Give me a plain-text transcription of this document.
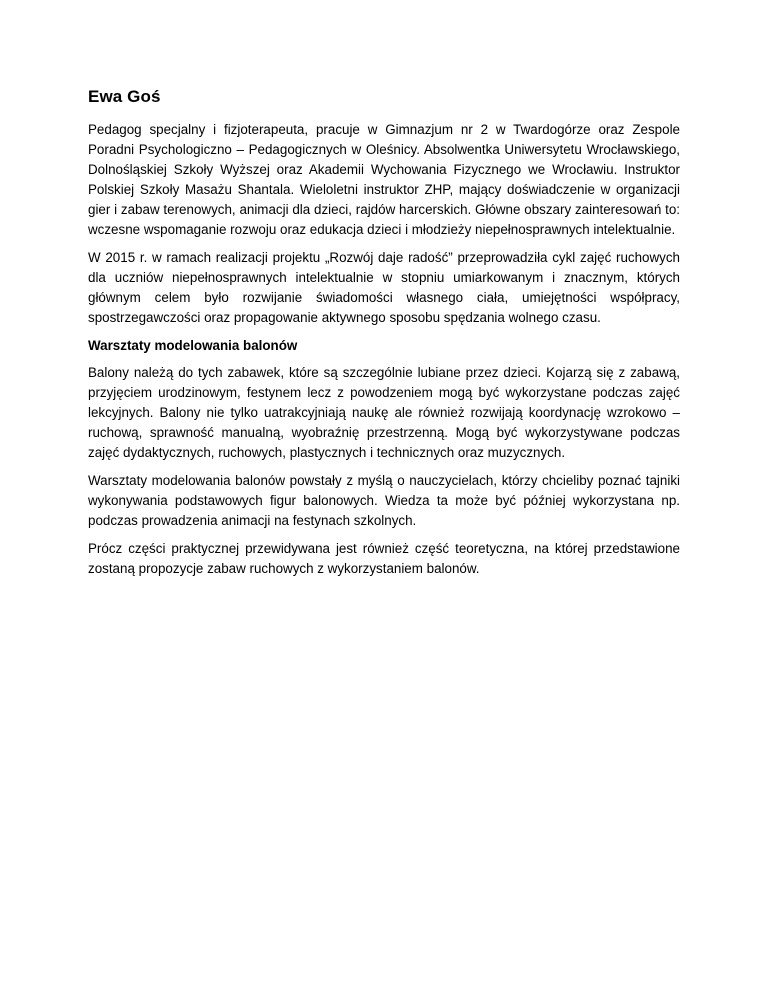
Ewa Goś

Pedagog specjalny i fizjoterapeuta, pracuje w Gimnazjum nr 2 w Twardogórze oraz Zespole Poradni Psychologiczno – Pedagogicznych w Oleśnicy. Absolwentka Uniwersytetu Wrocławskiego, Dolnośląskiej Szkoły Wyższej oraz Akademii Wychowania Fizycznego we Wrocławiu. Instruktor Polskiej Szkoły Masażu Shantala. Wieloletni instruktor ZHP, mający doświadczenie w organizacji gier i zabaw terenowych, animacji dla dzieci, rajdów harcerskich. Główne obszary zainteresowań to: wczesne wspomaganie rozwoju oraz edukacja dzieci i młodzieży niepełnosprawnych intelektualnie.

W 2015 r. w ramach realizacji projektu „Rozwój daje radość” przeprowadziła cykl zajęć ruchowych dla uczniów niepełnosprawnych intelektualnie w stopniu umiarkowanym i znacznym, których głównym celem było rozwijanie świadomości własnego ciała, umiejętności współpracy, spostrzegawczości oraz propagowanie aktywnego sposobu spędzania wolnego czasu.

Warsztaty modelowania balonów

Balony należą do tych zabawek, które są szczególnie lubiane przez dzieci. Kojarzą się z zabawą, przyjęciem urodzinowym, festynem lecz z powodzeniem mogą być wykorzystane podczas zajęć lekcyjnych. Balony nie tylko uatrakcyjniają naukę ale również rozwijają koordynację wzrokowo – ruchową, sprawność manualną, wyobraźnię przestrzenną. Mogą być wykorzystywane podczas zajęć dydaktycznych, ruchowych, plastycznych i technicznych oraz muzycznych.

Warsztaty modelowania balonów powstały z myślą o nauczycielach, którzy chcieliby poznać tajniki wykonywania podstawowych figur balonowych. Wiedza ta może być później wykorzystana np. podczas prowadzenia animacji na festynach szkolnych.

Prócz części praktycznej przewidywana jest również część teoretyczna, na której przedstawione zostaną propozycje zabaw ruchowych z wykorzystaniem balonów.
